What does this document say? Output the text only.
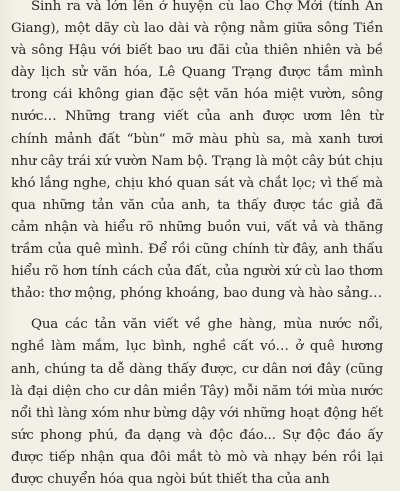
Sinh ra và lớn lên ở huyện cù lao Chợ Mới (tỉnh An Giang), một dãy cù lao dài và rộng nằm giữa sông Tiền và sông Hậu với biết bao ưu đãi của thiên nhiên và bề dày lịch sử văn hóa, Lê Quang Trạng được tắm mình trong cái không gian đặc sệt văn hóa miệt vườn, sông nước… Những trang viết của anh được ươm lên từ chính mảnh đất “bùn” mỡ màu phù sa, mà xanh tươi như cây trái xứ vườn Nam bộ. Trạng là một cây bút chịu khó lắng nghe, chịu khó quan sát và chắt lọc; vì thế mà qua những tản văn của anh, ta thấy được tác giả đã cảm nhận và hiểu rõ những buồn vui, vất vả và thăng trầm của quê mình. Để rồi cũng chính từ đây, anh thấu hiểu rõ hơn tính cách của đất, của người xứ cù lao thơm thảo: thơ mộng, phóng khoáng, bao dung và hào sảng…

Qua các tản văn viết về ghe hàng, mùa nước nổi, nghề làm mắm, lục bình, nghề cất vó… ở quê hương anh, chúng ta dễ dàng thấy được, cư dân nơi đây (cũng là đại diện cho cư dân miền Tây) mỗi năm tới mùa nước nổi thì làng xóm như bừng dậy với những hoạt động hết sức phong phú, đa dạng và độc đáo... Sự độc đáo ấy được tiếp nhận qua đôi mắt tò mò và nhạy bén rồi lại được chuyển hóa qua ngòi bút thiết tha của anh
